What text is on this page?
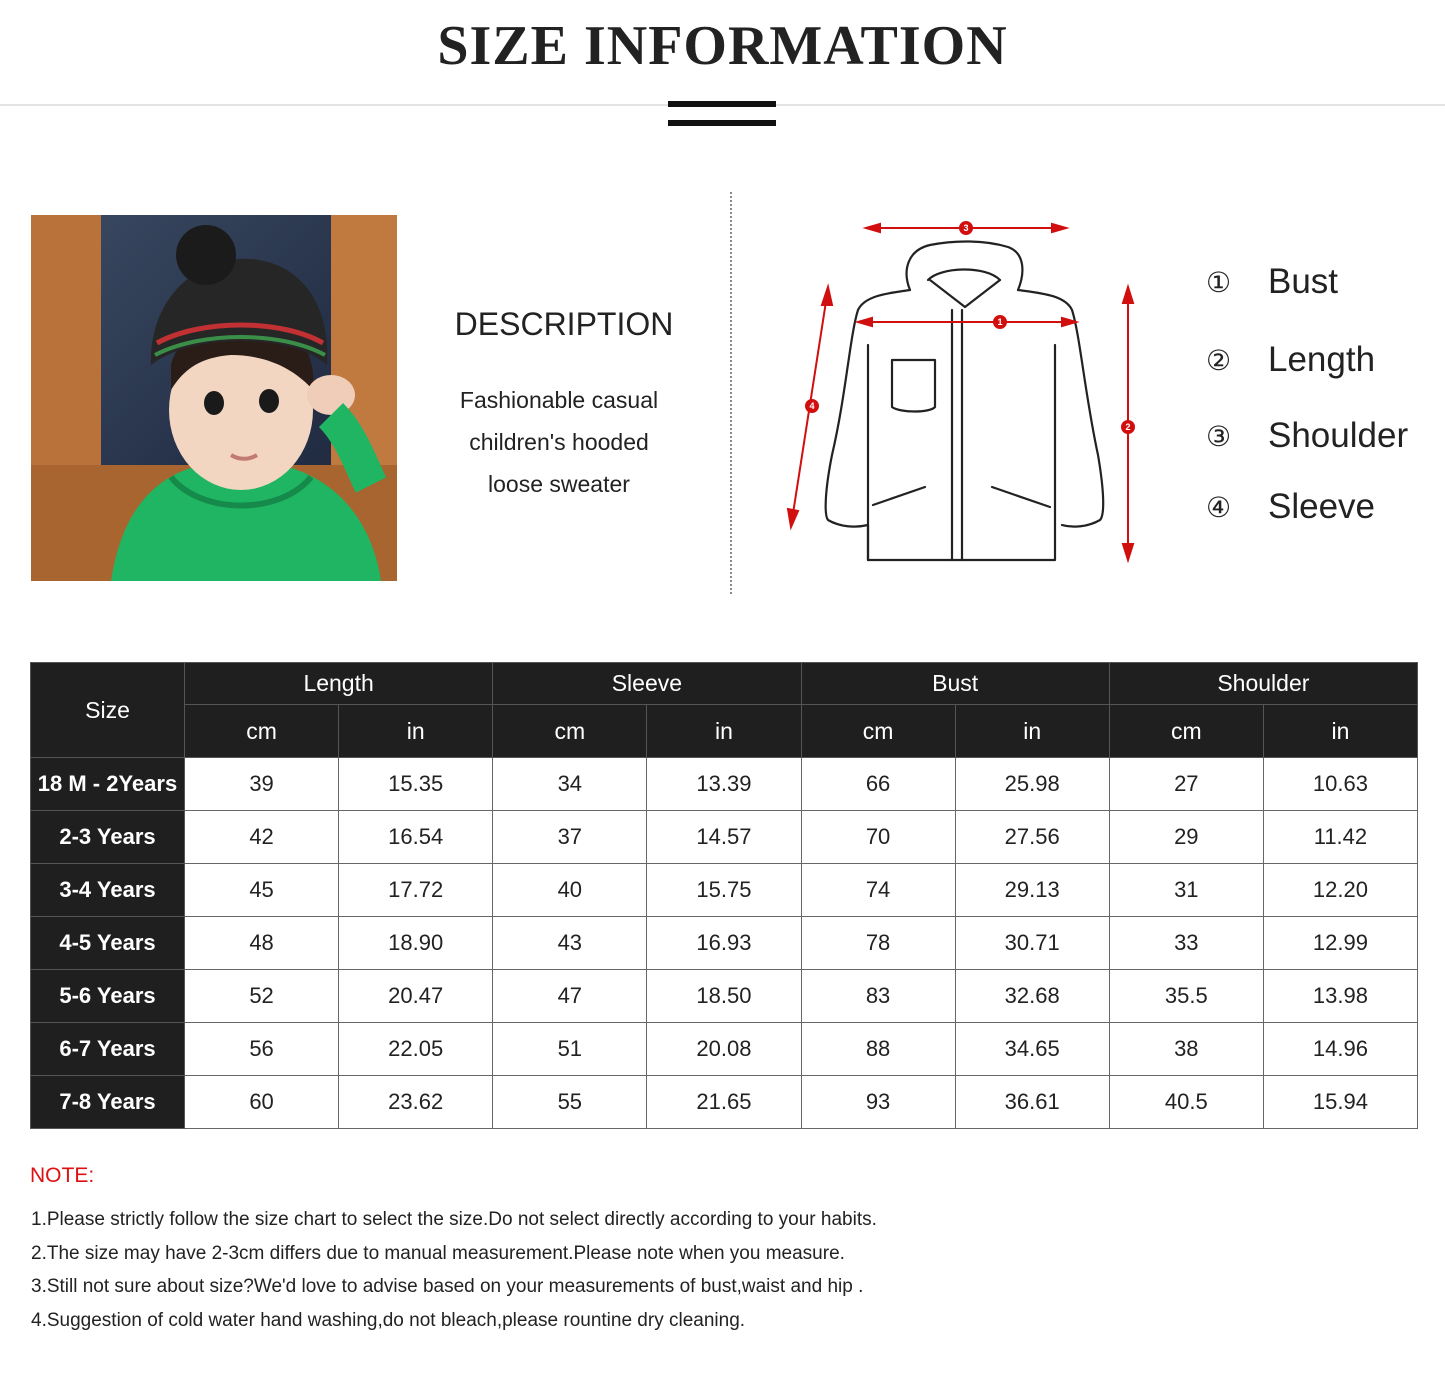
SIZE INFORMATION
DESCRIPTION
Fashionable casual
children's hooded
loose sweater
3
1
4
2
① Bust
② Length
③ Shoulder
④ Sleeve
Size	Length		Sleeve		Bust		Shoulder	
	cm	in	cm	in	cm	in	cm	in
18 M - 2Years	39	15.35	34	13.39	66	25.98	27	10.63
2-3 Years	42	16.54	37	14.57	70	27.56	29	11.42
3-4 Years	45	17.72	40	15.75	74	29.13	31	12.20
4-5 Years	48	18.90	43	16.93	78	30.71	33	12.99
5-6 Years	52	20.47	47	18.50	83	32.68	35.5	13.98
6-7 Years	56	22.05	51	20.08	88	34.65	38	14.96
7-8 Years	60	23.62	55	21.65	93	36.61	40.5	15.94
NOTE:
1.Please strictly follow the size chart to select the size.Do not select directly according to your habits.
2.The size may have 2-3cm differs due to manual measurement.Please note when you measure.
3.Still not sure about size?We'd love to advise based on your measurements of bust,waist and hip .
4.Suggestion of cold water hand washing,do not bleach,please rountine dry cleaning.
